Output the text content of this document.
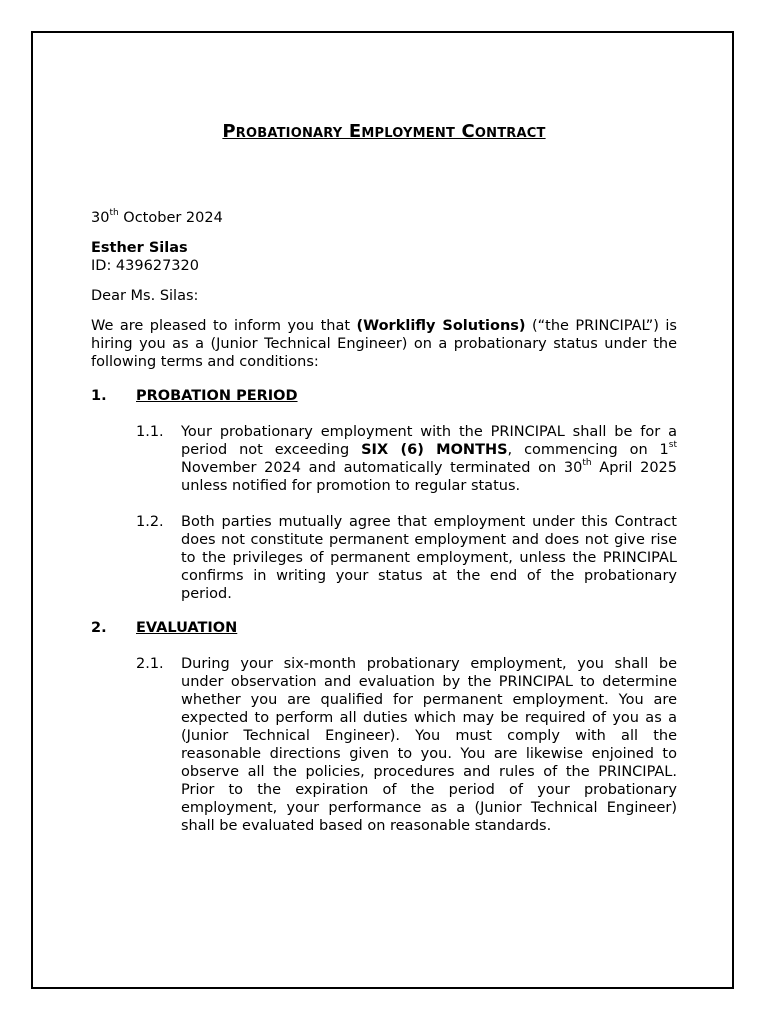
Probationary Employment Contract
30th October 2024
Esther Silas
ID: 439627320
Dear Ms. Silas:
We are pleased to inform you that (Worklifly Solutions) (“the PRINCIPAL”) is hiring you as a (Junior Technical Engineer) on a probationary status under the following terms and conditions:
1.	PROBATION PERIOD
1.1.	Your probationary employment with the PRINCIPAL shall be for a period not exceeding SIX (6) MONTHS, commencing on 1st November 2024 and automatically terminated on 30th April 2025 unless notified for promotion to regular status.
1.2.	Both parties mutually agree that employment under this Contract does not constitute permanent employment and does not give rise to the privileges of permanent employment, unless the PRINCIPAL confirms in writing your status at the end of the probationary period.
2.	EVALUATION
2.1.	During your six-month probationary employment, you shall be under observation and evaluation by the PRINCIPAL to determine whether you are qualified for permanent employment. You are expected to perform all duties which may be required of you as a (Junior Technical Engineer). You must comply with all the reasonable directions given to you. You are likewise enjoined to observe all the policies, procedures and rules of the PRINCIPAL. Prior to the expiration of the period of your probationary employment, your performance as a (Junior Technical Engineer) shall be evaluated based on reasonable standards.
